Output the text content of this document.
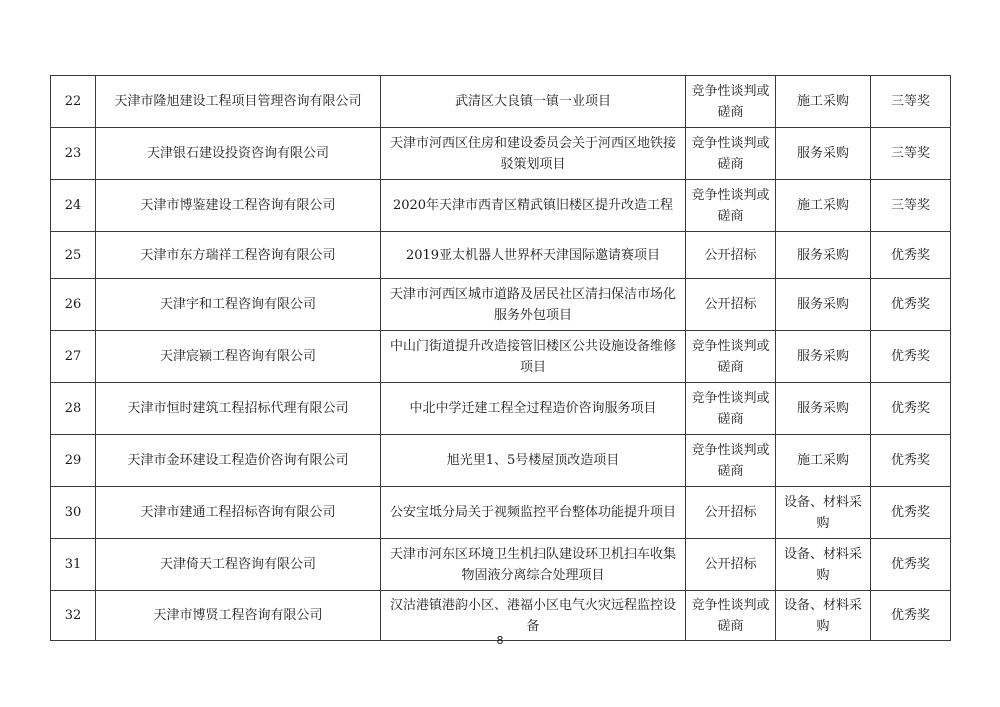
22	天津市隆旭建设工程项目管理咨询有限公司	武清区大良镇一镇一业项目	竞争性谈判或磋商	施工采购	三等奖
23	天津银石建设投资咨询有限公司	天津市河西区住房和建设委员会关于河西区地铁接驳策划项目	竞争性谈判或磋商	服务采购	三等奖
24	天津市博鉴建设工程咨询有限公司	2020年天津市西青区精武镇旧楼区提升改造工程	竞争性谈判或磋商	施工采购	三等奖
25	天津市东方瑞祥工程咨询有限公司	2019亚太机器人世界杯天津国际邀请赛项目	公开招标	服务采购	优秀奖
26	天津宇和工程咨询有限公司	天津市河西区城市道路及居民社区清扫保洁市场化服务外包项目	公开招标	服务采购	优秀奖
27	天津宸颍工程咨询有限公司	中山门街道提升改造接管旧楼区公共设施设备维修项目	竞争性谈判或磋商	服务采购	优秀奖
28	天津市恒时建筑工程招标代理有限公司	中北中学迁建工程全过程造价咨询服务项目	竞争性谈判或磋商	服务采购	优秀奖
29	天津市金环建设工程造价咨询有限公司	旭光里1、5号楼屋顶改造项目	竞争性谈判或磋商	施工采购	优秀奖
30	天津市建通工程招标咨询有限公司	公安宝坻分局关于视频监控平台整体功能提升项目	公开招标	设备、材料采购	优秀奖
31	天津倚天工程咨询有限公司	天津市河东区环境卫生机扫队建设环卫机扫车收集物固液分离综合处理项目	公开招标	设备、材料采购	优秀奖
32	天津市博贤工程咨询有限公司	汉沽港镇港韵小区、港福小区电气火灾远程监控设备	竞争性谈判或磋商	设备、材料采购	优秀奖
8
